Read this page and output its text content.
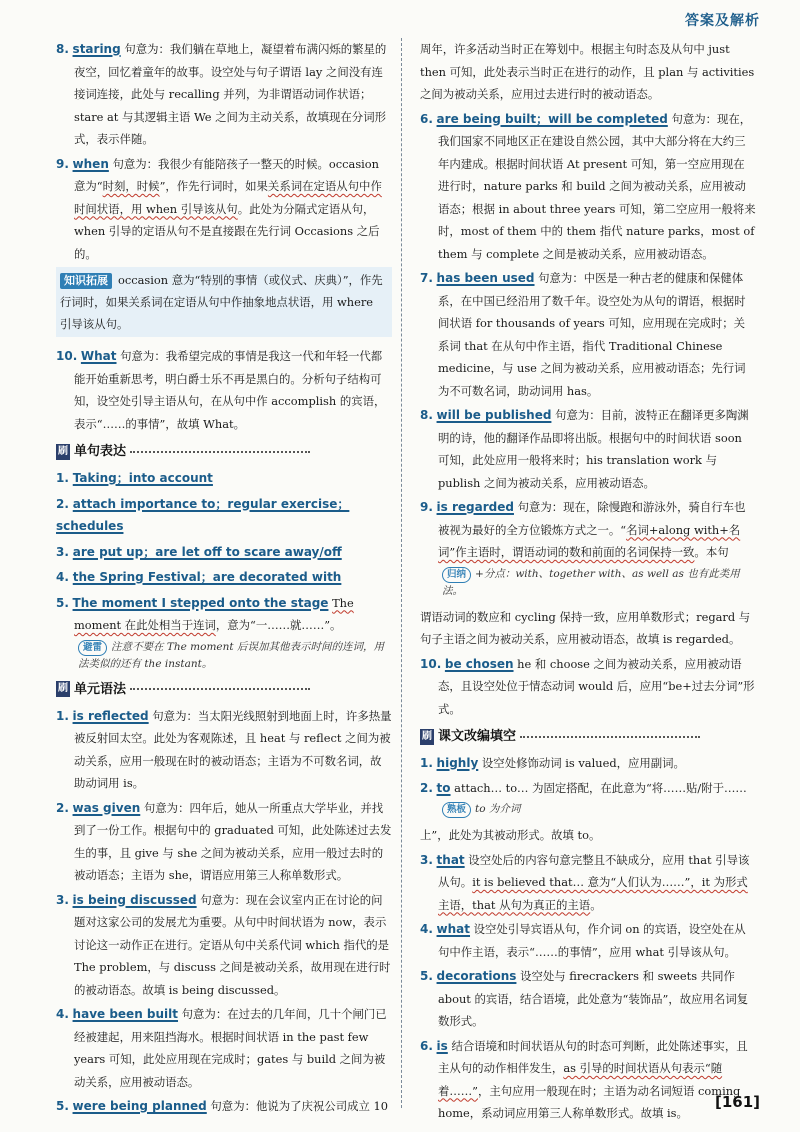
答案及解析
8. staring 句意为：我们躺在草地上，凝望着布满闪烁的繁星的夜空，回忆着童年的故事。设空处与句子谓语 lay 之间没有连接词连接，此处与 recalling 并列，为非谓语动词作状语；stare at 与其逻辑主语 We 之间为主动关系，故填现在分词形式，表示伴随。
9. when 句意为：我很少有能陪孩子一整天的时候。occasion 意为“时刻，时候”，作先行词时，如果关系词在定语从句中作时间状语，用 when 引导该从句。此处为分隔式定语从句，when 引导的定语从句不是直接跟在先行词 Occasions 之后的。
知识拓展 occasion 意为“特别的事情（或仪式、庆典）”，作先行词时，如果关系词在定语从句中作抽象地点状语，用 where 引导该从句。
10. What 句意为：我希望完成的事情是我这一代和年轻一代都能开始重新思考，明白爵士乐不再是黑白的。分析句子结构可知，设空处引导主语从句，在从句中作 accomplish 的宾语，表示“……的事情”，故填 What。
刷 单句表达
1. Taking；into account
2. attach importance to；regular exercise；schedules
3. are put up；are let off to scare away/off
4. the Spring Festival；are decorated with
5. The moment I stepped onto the stage The moment 在此处相当于连词，意为“一……就……”。
避雷 注意不要在 The moment 后误加其他表示时间的连词，用法类似的还有 the instant。
刷 单元语法
1. is reflected 句意为：当太阳光线照射到地面上时，许多热量被反射回太空。此处为客观陈述，且 heat 与 reflect 之间为被动关系，应用一般现在时的被动语态；主语为不可数名词，故助动词用 is。
2. was given 句意为：四年后，她从一所重点大学毕业，并找到了一份工作。根据句中的 graduated 可知，此处陈述过去发生的事，且 give 与 she 之间为被动关系，应用一般过去时的被动语态；主语为 she，谓语应用第三人称单数形式。
3. is being discussed 句意为：现在会议室内正在讨论的问题对这家公司的发展尤为重要。从句中时间状语为 now，表示讨论这一动作正在进行。定语从句中关系代词 which 指代的是 The problem，与 discuss 之间是被动关系，故用现在进行时的被动语态。故填 is being discussed。
4. have been built 句意为：在过去的几年间，几十个闸门已经被建起，用来阻挡海水。根据时间状语 in the past few years 可知，此处应用现在完成时；gates 与 build 之间为被动关系，应用被动语态。
5. were being planned 句意为：他说为了庆祝公司成立 10
周年，许多活动当时正在筹划中。根据主句时态及从句中 just then 可知，此处表示当时正在进行的动作，且 plan 与 activities 之间为被动关系，应用过去进行时的被动语态。
6. are being built；will be completed 句意为：现在，我们国家不同地区正在建设自然公园，其中大部分将在大约三年内建成。根据时间状语 At present 可知，第一空应用现在进行时，nature parks 和 build 之间为被动关系，应用被动语态；根据 in about three years 可知，第二空应用一般将来时，most of them 中的 them 指代 nature parks，most of them 与 complete 之间是被动关系，应用被动语态。
7. has been used 句意为：中医是一种古老的健康和保健体系，在中国已经沿用了数千年。设空处为从句的谓语，根据时间状语 for thousands of years 可知，应用现在完成时；关系词 that 在从句中作主语，指代 Traditional Chinese medicine，与 use 之间为被动关系，应用被动语态；先行词为不可数名词，助动词用 has。
8. will be published 句意为：目前，波特正在翻译更多陶渊明的诗，他的翻译作品即将出版。根据句中的时间状语 soon 可知，此处应用一般将来时；his translation work 与 publish 之间为被动关系，应用被动语态。
9. is regarded 句意为：现在，除慢跑和游泳外，骑自行车也被视为最好的全方位锻炼方式之一。“名词+along with+名词”作主语时，谓语动词的数和前面的名词保持一致。本句
归纳 +分点：with、together with、as well as 也有此类用法。
谓语动词的数应和 cycling 保持一致，应用单数形式；regard 与句子主语之间为被动关系，应用被动语态，故填 is regarded。
10. be chosen he 和 choose 之间为被动关系，应用被动语态，且设空处位于情态动词 would 后，应用“be+过去分词”形式。
刷 课文改编填空
1. highly 设空处修饰动词 is valued，应用副词。
2. to attach… to… 为固定搭配，在此意为“将……贴/附于……
熟板 to 为介词
上”，此处为其被动形式。故填 to。
3. that 设空处后的内容句意完整且不缺成分，应用 that 引导该从句。it is believed that… 意为“人们认为……”，it 为形式主语，that 从句为真正的主语。
4. what 设空处引导宾语从句，作介词 on 的宾语，设空处在从句中作主语，表示“……的事情”，应用 what 引导该从句。
5. decorations 设空处与 firecrackers 和 sweets 共同作 about 的宾语，结合语境，此处意为“装饰品”，故应用名词复数形式。
6. is 结合语境和时间状语从句的时态可判断，此处陈述事实，且主从句的动作相伴发生，as 引导的时间状语从句表示“随着……”，主句应用一般现在时；主语为动名词短语 coming home，系动词应用第三人称单数形式。故填 is。
[161]
